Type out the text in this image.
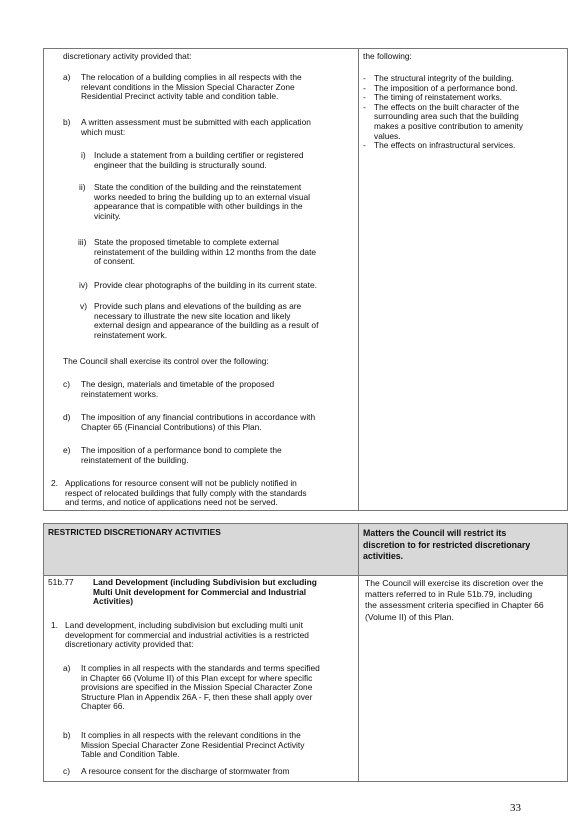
discretionary activity provided that:
a) The relocation of a building complies in all respects with the
relevant conditions in the Mission Special Character Zone
Residential Precinct activity table and condition table.
b) A written assessment must be submitted with each application
which must:
i) Include a statement from a building certifier or registered
engineer that the building is structurally sound.
ii) State the condition of the building and the reinstatement
works needed to bring the building up to an external visual
appearance that is compatible with other buildings in the
vicinity.
iii) State the proposed timetable to complete external
reinstatement of the building within 12 months from the date
of consent.
iv) Provide clear photographs of the building in its current state.
v) Provide such plans and elevations of the building as are
necessary to illustrate the new site location and likely
external design and appearance of the building as a result of
reinstatement work.
The Council shall exercise its control over the following:
c) The design, materials and timetable of the proposed
reinstatement works.
d) The imposition of any financial contributions in accordance with
Chapter 65 (Financial Contributions) of this Plan.
e) The imposition of a performance bond to complete the
reinstatement of the building.
2. Applications for resource consent will not be publicly notified in
respect of relocated buildings that fully comply with the standards
and terms, and notice of applications need not be served.
the following:
- The structural integrity of the building.
- The imposition of a performance bond.
- The timing of reinstatement works.
- The effects on the built character of the
surrounding area such that the building
makes a positive contribution to amenity
values.
- The effects on infrastructural services.
RESTRICTED DISCRETIONARY ACTIVITIES	Matters the Council will restrict its
discretion to for restricted discretionary
activities.
51b.77 Land Development (including Subdivision but excluding
Multi Unit development for Commercial and Industrial
Activities)
1. Land development, including subdivision but excluding multi unit
development for commercial and industrial activities is a restricted
discretionary activity provided that:
a) It complies in all respects with the standards and terms specified
in Chapter 66 (Volume II) of this Plan except for where specific
provisions are specified in the Mission Special Character Zone
Structure Plan in Appendix 26A - F, then these shall apply over
Chapter 66.
b) It complies in all respects with the relevant conditions in the
Mission Special Character Zone Residential Precinct Activity
Table and Condition Table.
c) A resource consent for the discharge of stormwater from
The Council will exercise its discretion over the
matters referred to in Rule 51b.79, including
the assessment criteria specified in Chapter 66
(Volume II) of this Plan.
33
